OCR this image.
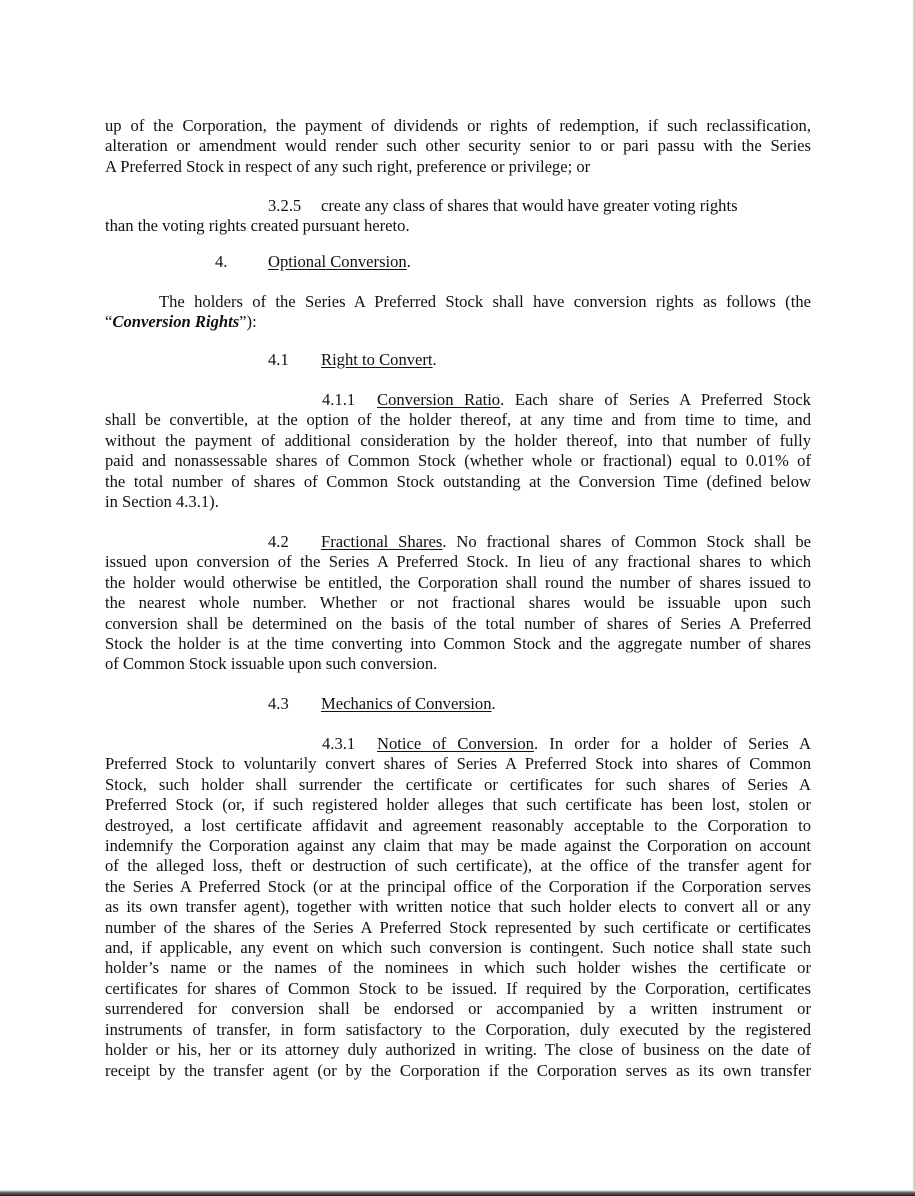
up of the Corporation, the payment of dividends or rights of redemption, if such reclassification,
alteration or amendment would render such other security senior to or pari passu with the Series
A Preferred Stock in respect of any such right, preference or privilege; or
3.2.5 create any class of shares that would have greater voting rights
than the voting rights created pursuant hereto.
4. Optional Conversion.
The holders of the Series A Preferred Stock shall have conversion rights as follows (the
“Conversion Rights”):
4.1 Right to Convert.
4.1.1 Conversion Ratio. Each share of Series A Preferred Stock
shall be convertible, at the option of the holder thereof, at any time and from time to time, and
without the payment of additional consideration by the holder thereof, into that number of fully
paid and nonassessable shares of Common Stock (whether whole or fractional) equal to 0.01% of
the total number of shares of Common Stock outstanding at the Conversion Time (defined below
in Section 4.3.1).
4.2 Fractional Shares. No fractional shares of Common Stock shall be
issued upon conversion of the Series A Preferred Stock. In lieu of any fractional shares to which
the holder would otherwise be entitled, the Corporation shall round the number of shares issued to
the nearest whole number. Whether or not fractional shares would be issuable upon such
conversion shall be determined on the basis of the total number of shares of Series A Preferred
Stock the holder is at the time converting into Common Stock and the aggregate number of shares
of Common Stock issuable upon such conversion.
4.3 Mechanics of Conversion.
4.3.1 Notice of Conversion. In order for a holder of Series A
Preferred Stock to voluntarily convert shares of Series A Preferred Stock into shares of Common
Stock, such holder shall surrender the certificate or certificates for such shares of Series A
Preferred Stock (or, if such registered holder alleges that such certificate has been lost, stolen or
destroyed, a lost certificate affidavit and agreement reasonably acceptable to the Corporation to
indemnify the Corporation against any claim that may be made against the Corporation on account
of the alleged loss, theft or destruction of such certificate), at the office of the transfer agent for
the Series A Preferred Stock (or at the principal office of the Corporation if the Corporation serves
as its own transfer agent), together with written notice that such holder elects to convert all or any
number of the shares of the Series A Preferred Stock represented by such certificate or certificates
and, if applicable, any event on which such conversion is contingent. Such notice shall state such
holder’s name or the names of the nominees in which such holder wishes the certificate or
certificates for shares of Common Stock to be issued. If required by the Corporation, certificates
surrendered for conversion shall be endorsed or accompanied by a written instrument or
instruments of transfer, in form satisfactory to the Corporation, duly executed by the registered
holder or his, her or its attorney duly authorized in writing. The close of business on the date of
receipt by the transfer agent (or by the Corporation if the Corporation serves as its own transfer
